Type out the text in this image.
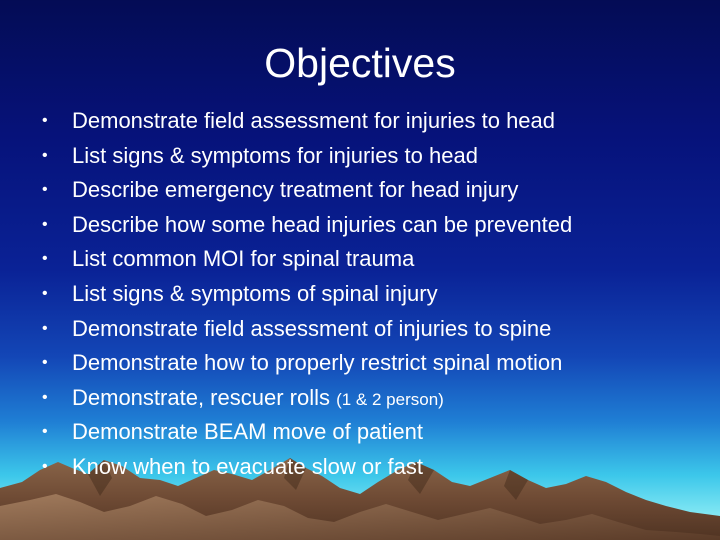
Objectives
• Demonstrate field assessment for injuries to head
• List signs & symptoms for injuries to head
• Describe emergency treatment for head injury
• Describe how some head injuries can be prevented
• List common MOI for spinal trauma
• List signs & symptoms of spinal injury
• Demonstrate field assessment of injuries to spine
• Demonstrate how to properly restrict spinal motion
• Demonstrate, rescuer rolls (1 & 2 person)
• Demonstrate BEAM move of patient
• Know when to evacuate slow or fast
